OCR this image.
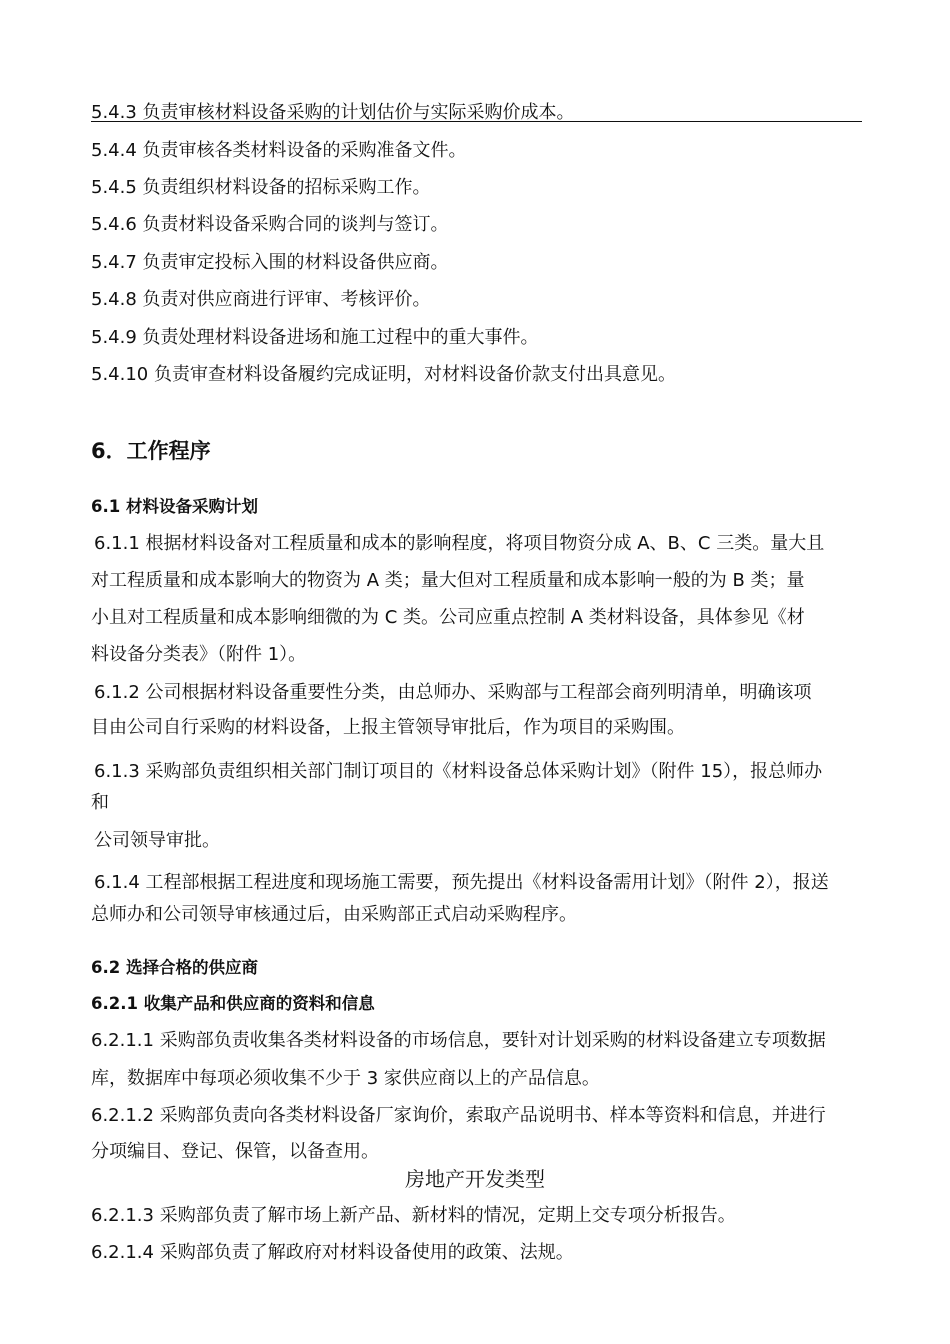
5.4.3 负责审核材料设备采购的计划估价与实际采购价成本。
5.4.4 负责审核各类材料设备的采购准备文件。
5.4.5 负责组织材料设备的招标采购工作。
5.4.6 负责材料设备采购合同的谈判与签订。
5.4.7 负责审定投标入围的材料设备供应商。
5.4.8 负责对供应商进行评审、考核评价。
5.4.9 负责处理材料设备进场和施工过程中的重大事件。
5.4.10 负责审查材料设备履约完成证明，对材料设备价款支付出具意见。
6．工作程序
6.1 材料设备采购计划
6.1.1 根据材料设备对工程质量和成本的影响程度，将项目物资分成 A、B、C 三类。量大且
对工程质量和成本影响大的物资为 A 类；量大但对工程质量和成本影响一般的为 B 类；量
小且对工程质量和成本影响细微的为 C 类。公司应重点控制 A 类材料设备，具体参见《材
料设备分类表》（附件 1）。
6.1.2 公司根据材料设备重要性分类，由总师办、采购部与工程部会商列明清单，明确该项
目由公司自行采购的材料设备，上报主管领导审批后，作为项目的采购围。
6.1.3 采购部负责组织相关部门制订项目的《材料设备总体采购计划》（附件 15），报总师办
和
公司领导审批。
6.1.4 工程部根据工程进度和现场施工需要，预先提出《材料设备需用计划》（附件 2），报送
总师办和公司领导审核通过后，由采购部正式启动采购程序。
6.2 选择合格的供应商
6.2.1 收集产品和供应商的资料和信息
6.2.1.1 采购部负责收集各类材料设备的市场信息，要针对计划采购的材料设备建立专项数据
库，数据库中每项必须收集不少于 3 家供应商以上的产品信息。
6.2.1.2 采购部负责向各类材料设备厂家询价，索取产品说明书、样本等资料和信息，并进行
分项编目、登记、保管，以备查用。
房地产开发类型
6.2.1.3 采购部负责了解市场上新产品、新材料的情况，定期上交专项分析报告。
6.2.1.4 采购部负责了解政府对材料设备使用的政策、法规。
